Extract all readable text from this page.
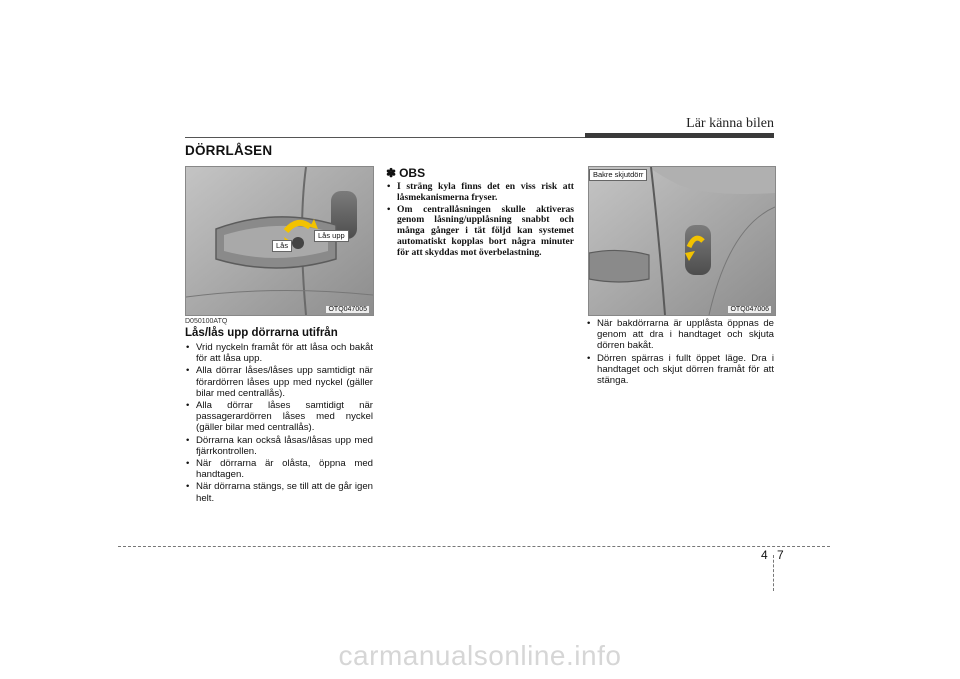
Lär känna bilen
DÖRRLÅSEN
Lås
Lås upp
OTQ047005
D050100ATQ
Lås/lås upp dörrarna utifrån
• Vrid nyckeln framåt för att låsa och bakåt för att låsa upp.
• Alla dörrar låses/låses upp samtidigt när förardörren låses upp med nyckel (gäller bilar med centrallås).
• Alla dörrar låses samtidigt när passagerardörren låses med nyckel (gäller bilar med centrallås).
• Dörrarna kan också låsas/låsas upp med fjärrkontrollen.
• När dörrarna är olåsta, öppna med handtagen.
• När dörrarna stängs, se till att de går igen helt.
✽ OBS
• I sträng kyla finns det en viss risk att låsmekanismerna fryser.
• Om centrallåsningen skulle aktiveras genom låsning/upplåsning snabbt och många gånger i tät följd kan systemet automatiskt kopplas bort några minuter för att skyddas mot överbelastning.
Bakre skjutdörr
OTQ047006
• När bakdörrarna är upplåsta öppnas de genom att dra i handtaget och skjuta dörren bakåt.
• Dörren spärras i fullt öppet läge. Dra i handtaget och skjut dörren framåt för att stänga.
4 7
carmanualsonline.info
